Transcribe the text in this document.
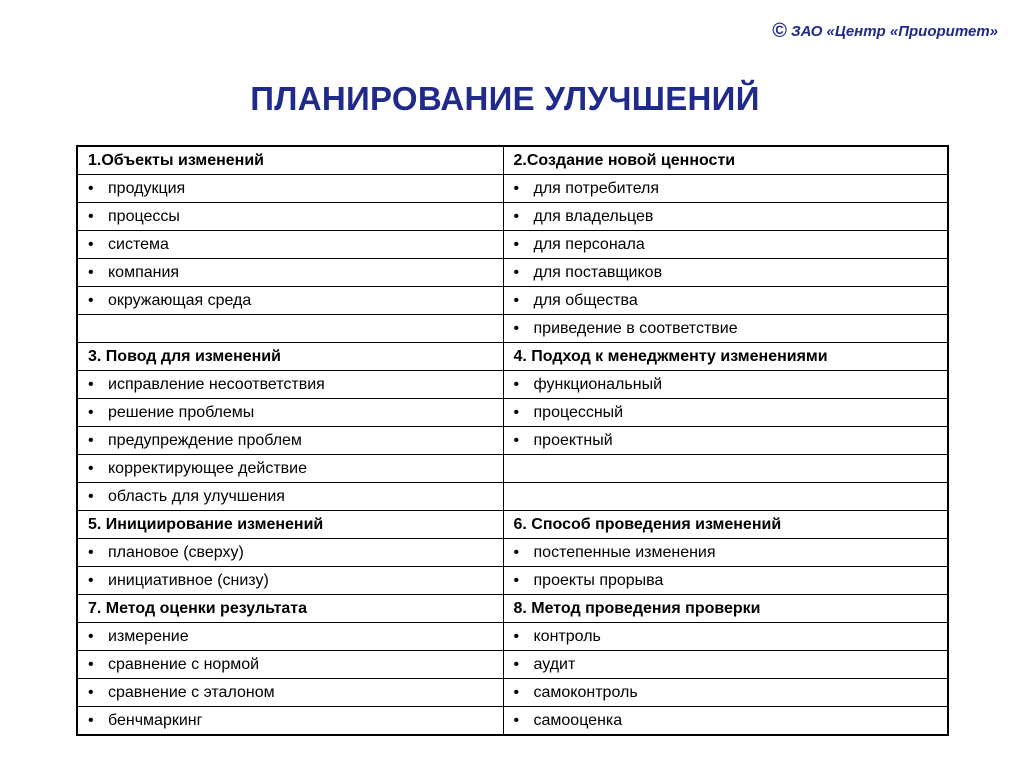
© ЗАО «Центр «Приоритет»
ПЛАНИРОВАНИЕ УЛУЧШЕНИЙ
1.Объекты изменений	2.Создание новой ценности
• продукция	• для потребителя
• процессы	• для владельцев
• система	• для персонала
• компания	• для поставщиков
• окружающая среда	• для общества
	• приведение в соответствие
3. Повод для изменений	4. Подход к менеджменту изменениями
• исправление несоответствия	• функциональный
• решение проблемы	• процессный
• предупреждение проблем	• проектный
• корректирующее действие	
• область для улучшения	
5. Инициирование изменений	6. Способ проведения изменений
• плановое (сверху)	• постепенные изменения
• инициативное (снизу)	• проекты прорыва
7. Метод оценки результата	8. Метод проведения проверки
• измерение	• контроль
• сравнение с нормой	• аудит
• сравнение с эталоном	• самоконтроль
• бенчмаркинг	• самооценка
